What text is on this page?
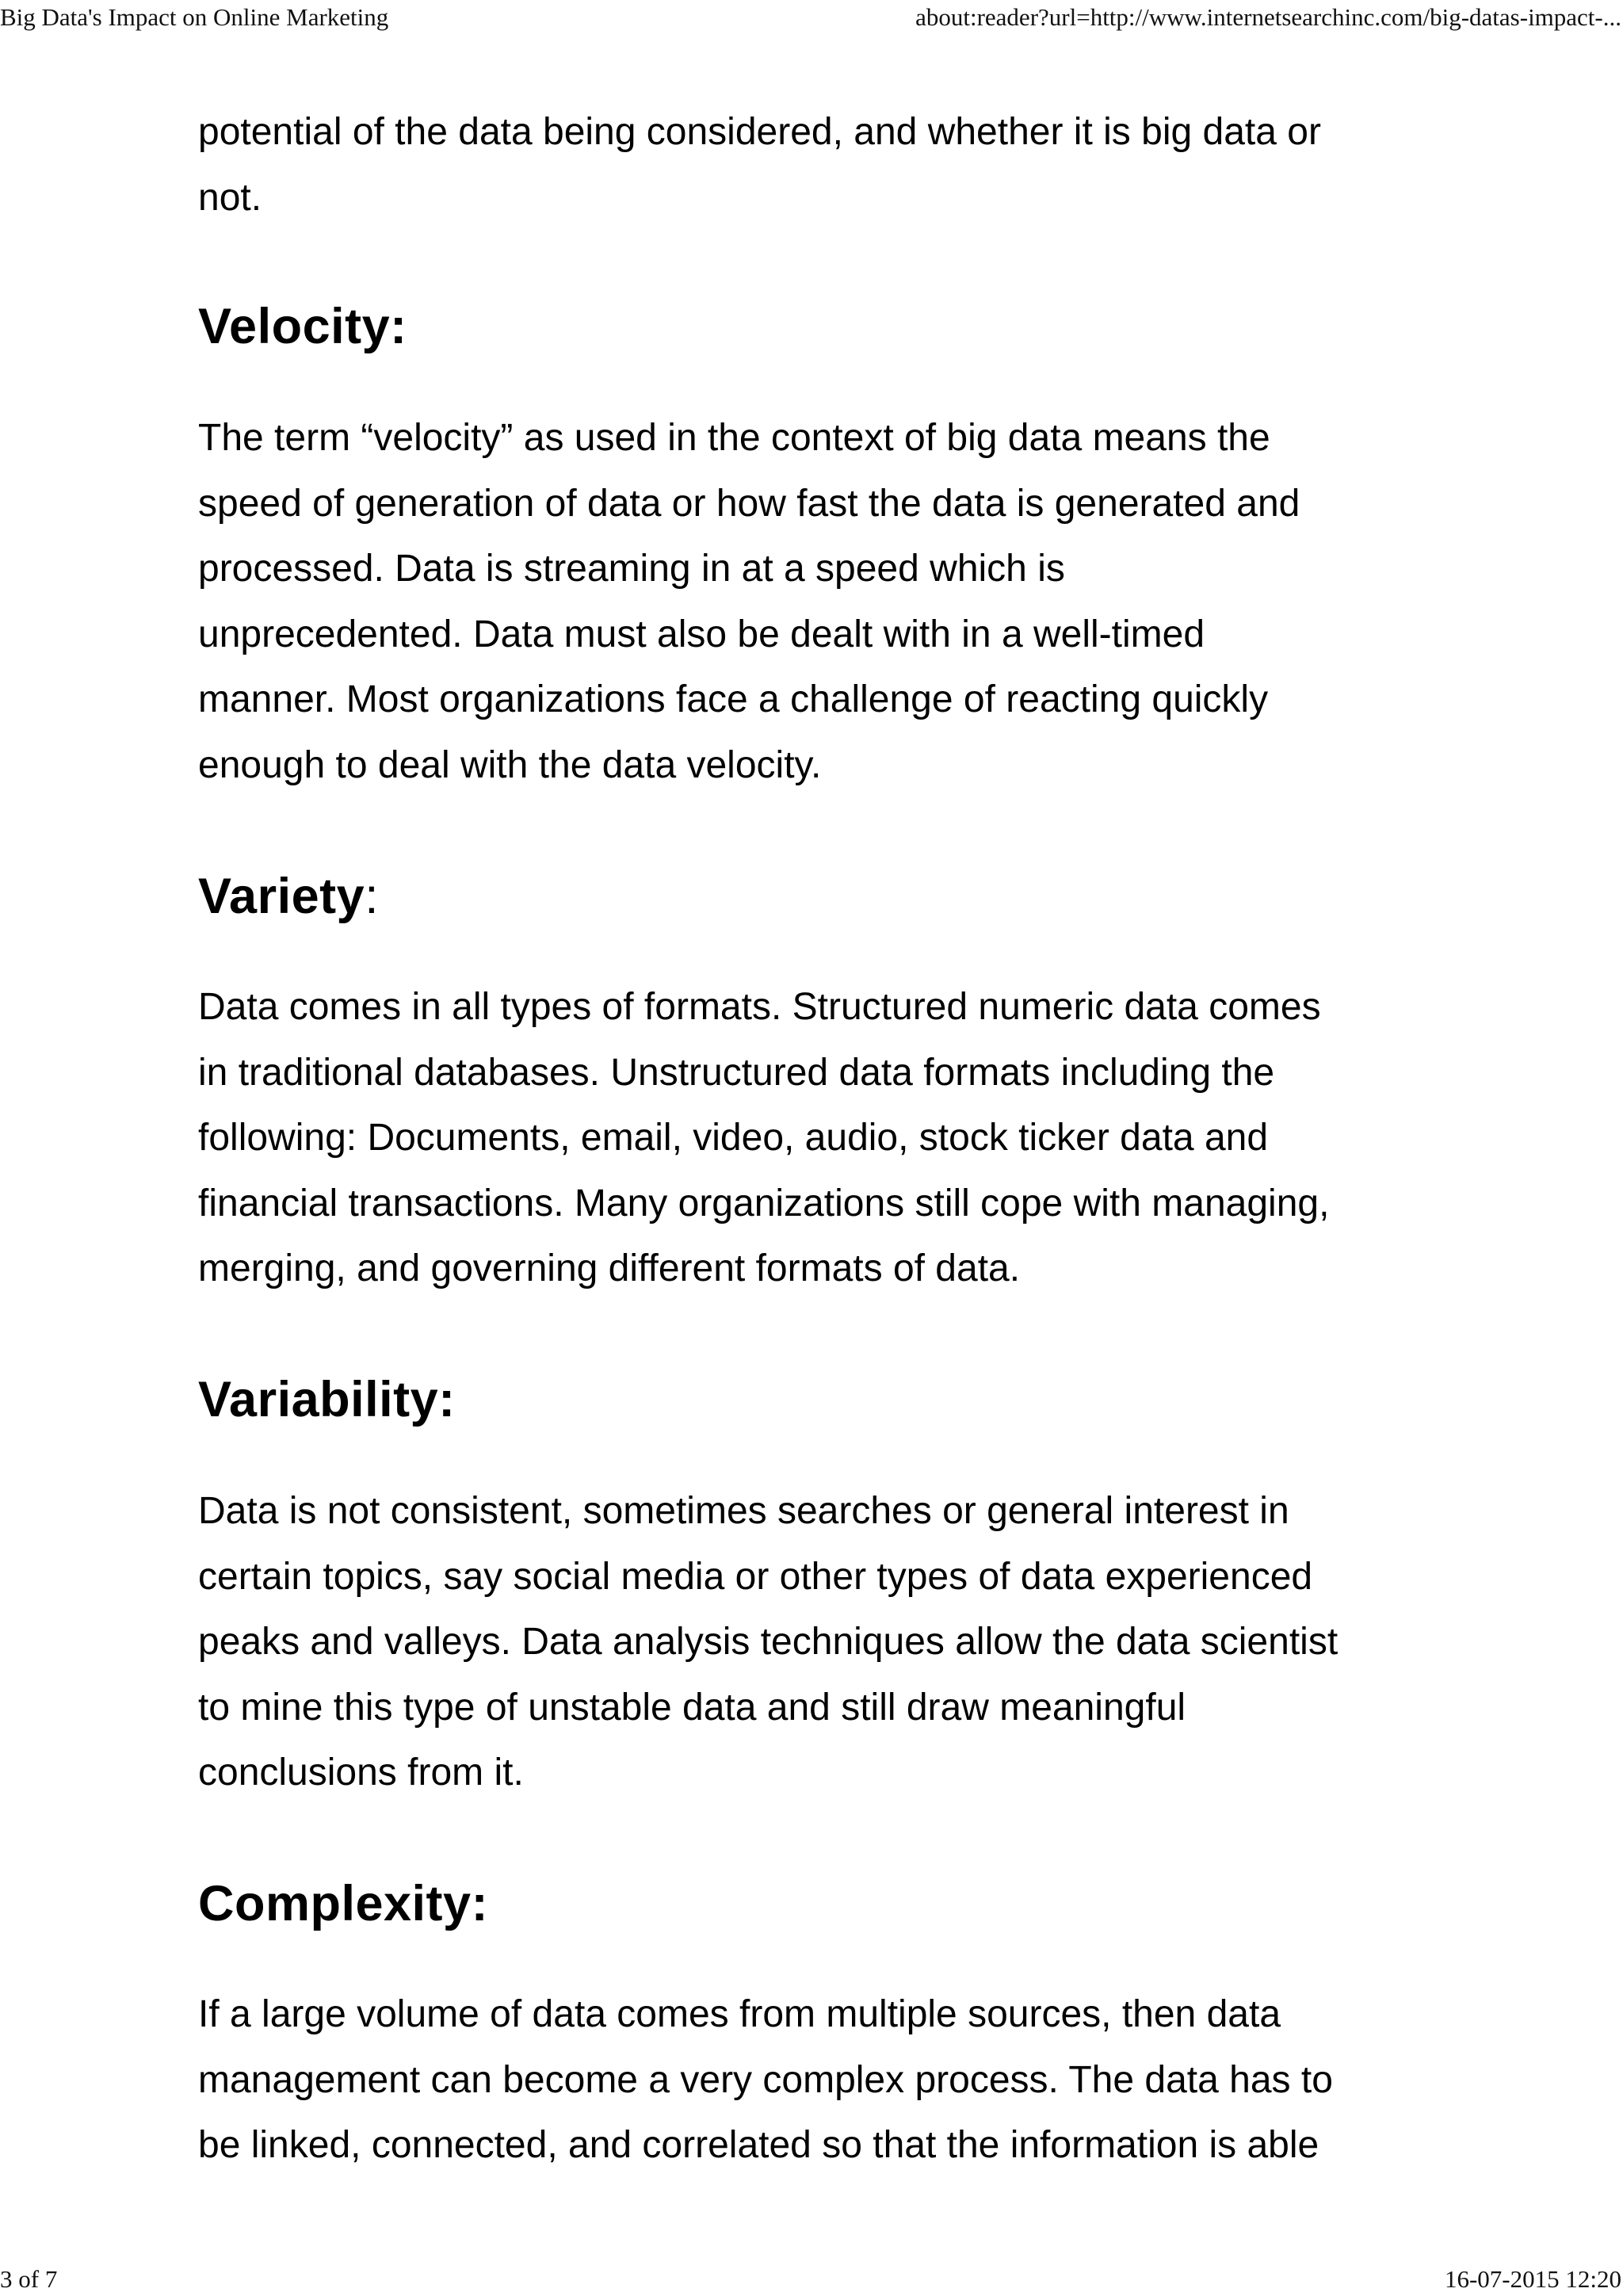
Big Data's Impact on Online Marketing	about:reader?url=http://www.internetsearchinc.com/big-datas-impact-...

potential of the data being considered, and whether it is big data or
not.

Velocity:

The term “velocity” as used in the context of big data means the
speed of generation of data or how fast the data is generated and
processed. Data is streaming in at a speed which is
unprecedented. Data must also be dealt with in a well-timed
manner. Most organizations face a challenge of reacting quickly
enough to deal with the data velocity.

Variety:

Data comes in all types of formats. Structured numeric data comes
in traditional databases. Unstructured data formats including the
following: Documents, email, video, audio, stock ticker data and
financial transactions. Many organizations still cope with managing,
merging, and governing different formats of data.

Variability:

Data is not consistent, sometimes searches or general interest in
certain topics, say social media or other types of data experienced
peaks and valleys. Data analysis techniques allow the data scientist
to mine this type of unstable data and still draw meaningful
conclusions from it.

Complexity:

If a large volume of data comes from multiple sources, then data
management can become a very complex process. The data has to
be linked, connected, and correlated so that the information is able

3 of 7	16-07-2015 12:20
